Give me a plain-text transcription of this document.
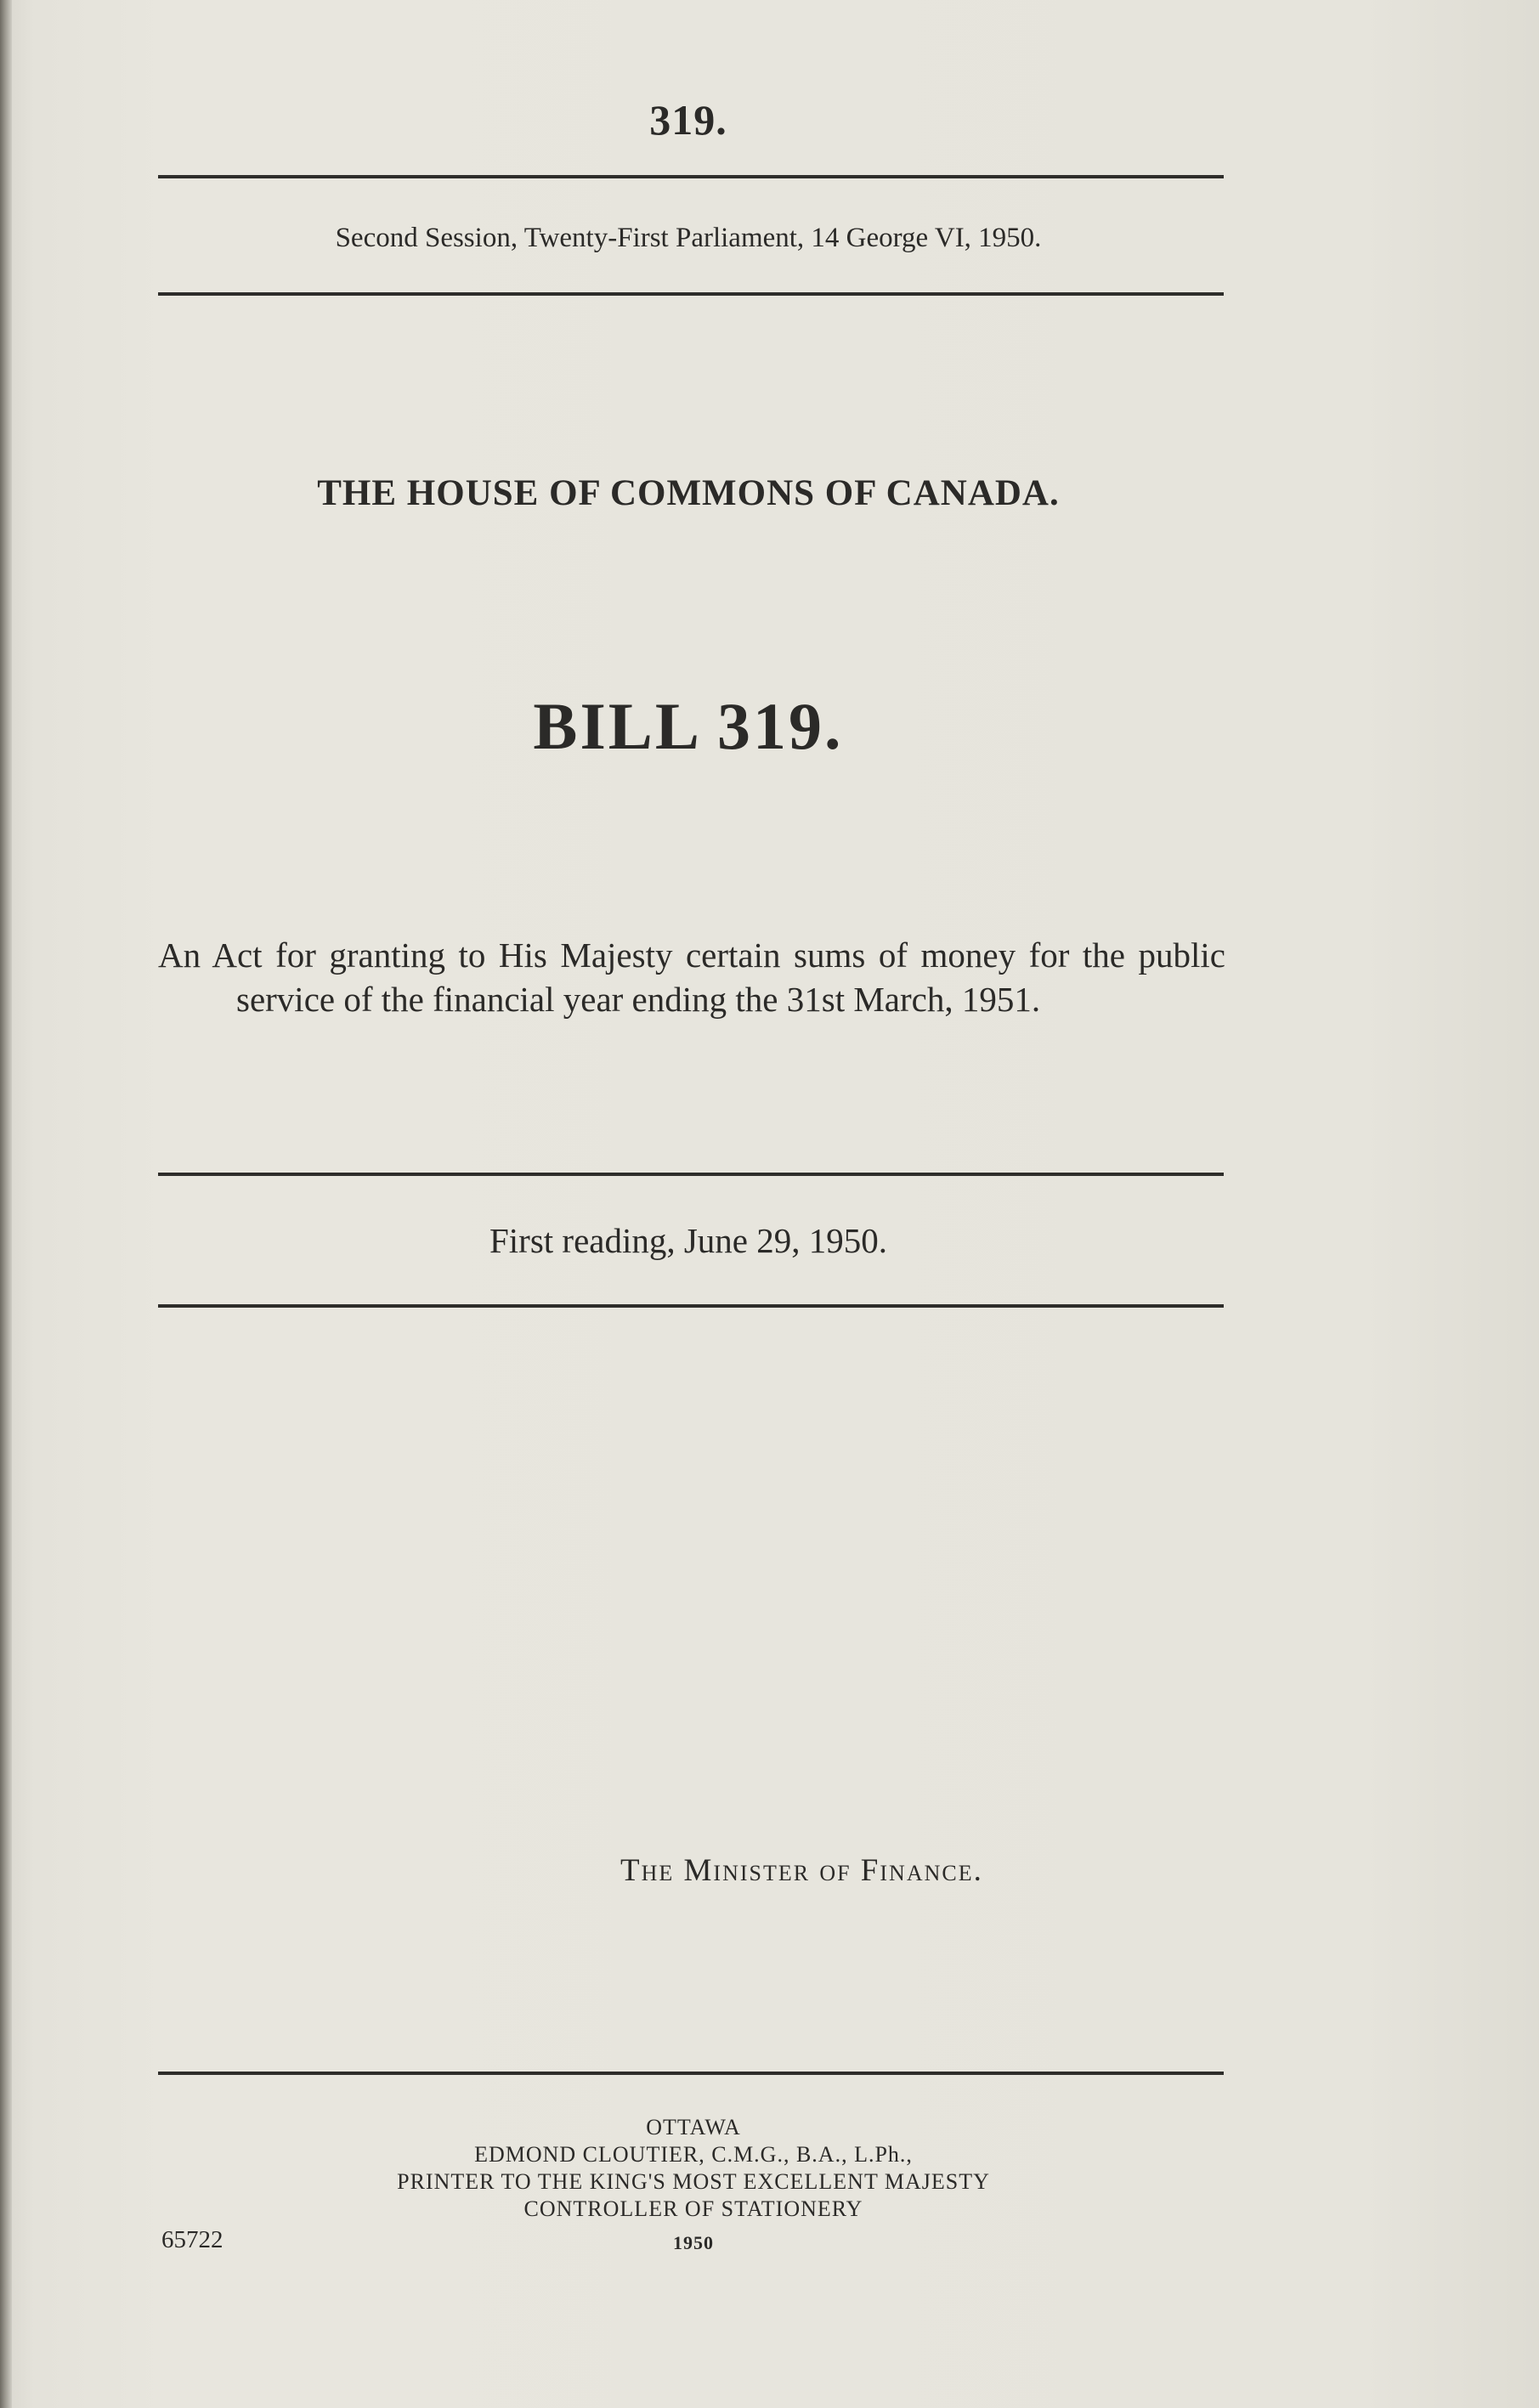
319.
Second Session, Twenty-First Parliament, 14 George VI, 1950.
THE HOUSE OF COMMONS OF CANADA.
BILL 319.
An Act for granting to His Majesty certain sums of money for the public service of the financial year ending the 31st March, 1951.
First reading, June 29, 1950.
The Minister of Finance.
OTTAWA
EDMOND CLOUTIER, C.M.G., B.A., L.Ph.,
PRINTER TO THE KING'S MOST EXCELLENT MAJESTY
CONTROLLER OF STATIONERY
1950
65722
